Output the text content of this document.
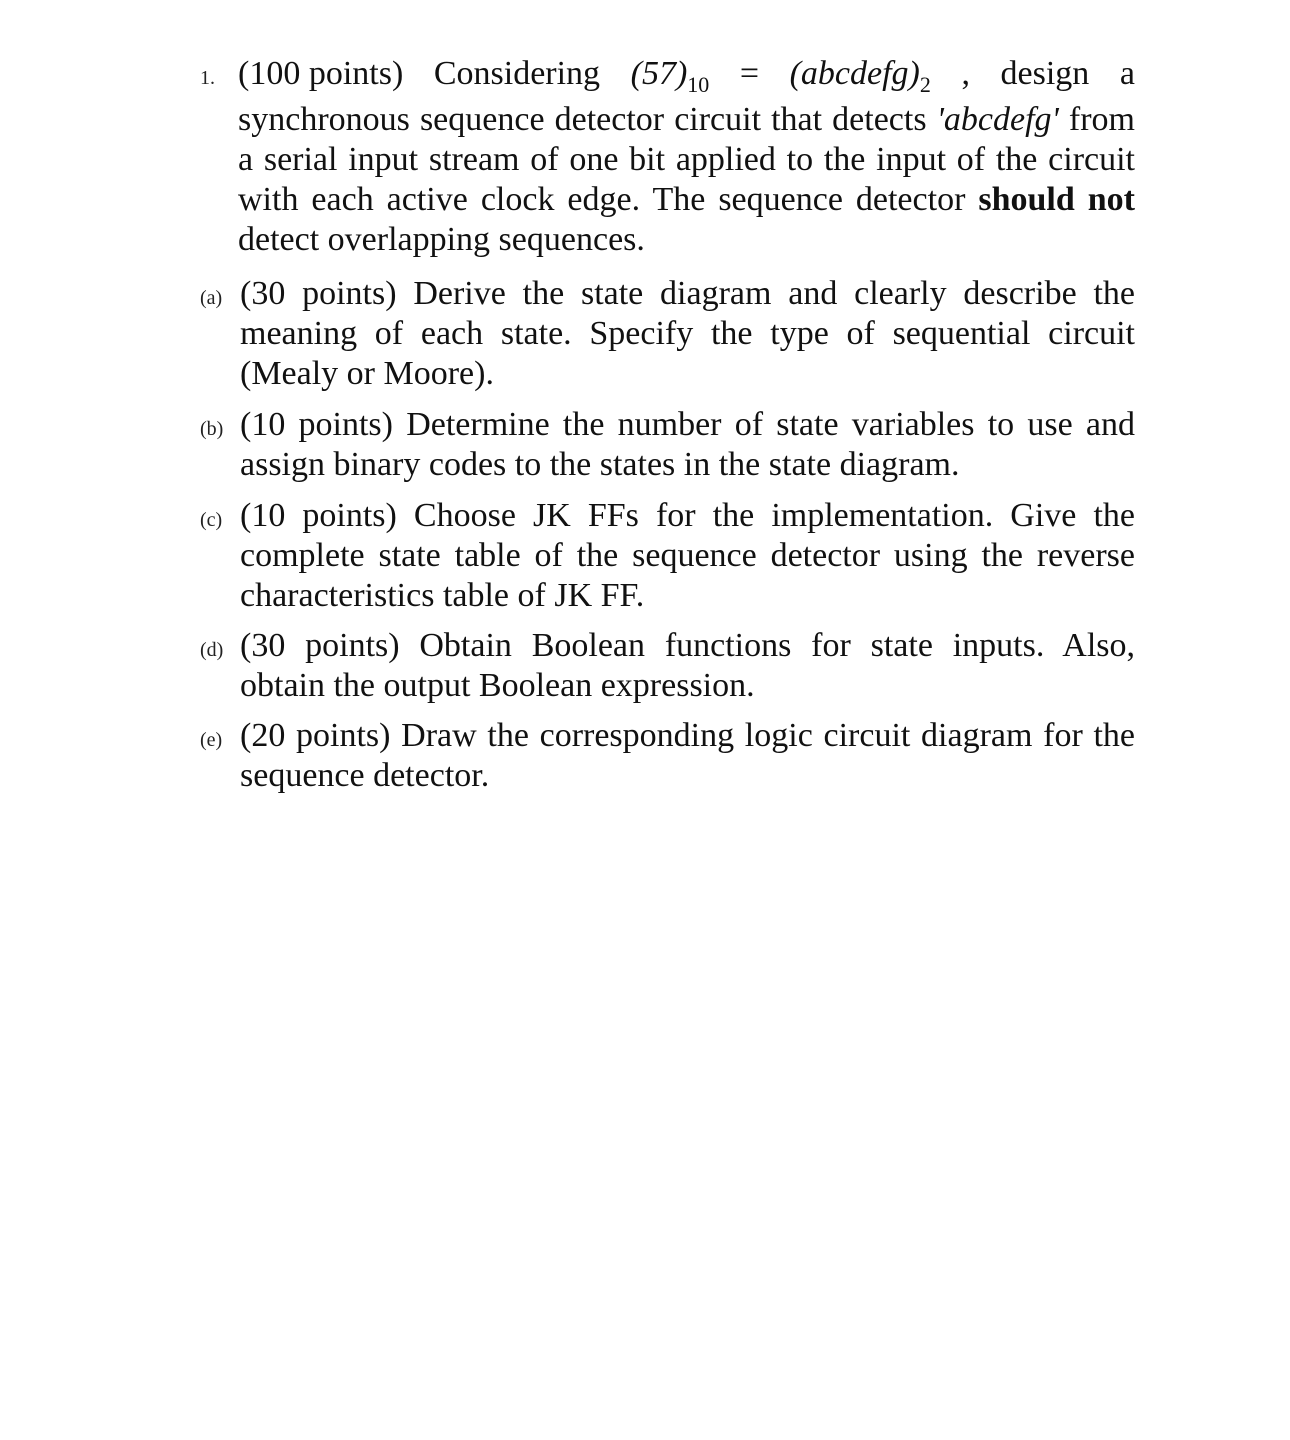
1. (100 points) Considering $(57)_{10}$ = $(abcdefg)_2$ , design a
synchronous sequence detector circuit that detects 'abcdefg' from a serial input stream of one bit applied to the input of the circuit with each active clock edge. The sequence detector should not detect overlapping sequences.
(a) (30 points) Derive the state diagram and clearly describe the meaning of each state. Specify the type of sequential circuit (Mealy or Moore).
(b) (10 points) Determine the number of state variables to use and assign binary codes to the states in the state diagram.
(c) (10 points) Choose JK FFs for the implementation. Give the complete state table of the sequence detector using the reverse characteristics table of JK FF.
(d) (30 points) Obtain Boolean functions for state inputs. Also, obtain the output Boolean expression.
(e) (20 points) Draw the corresponding logic circuit diagram for the sequence detector.
